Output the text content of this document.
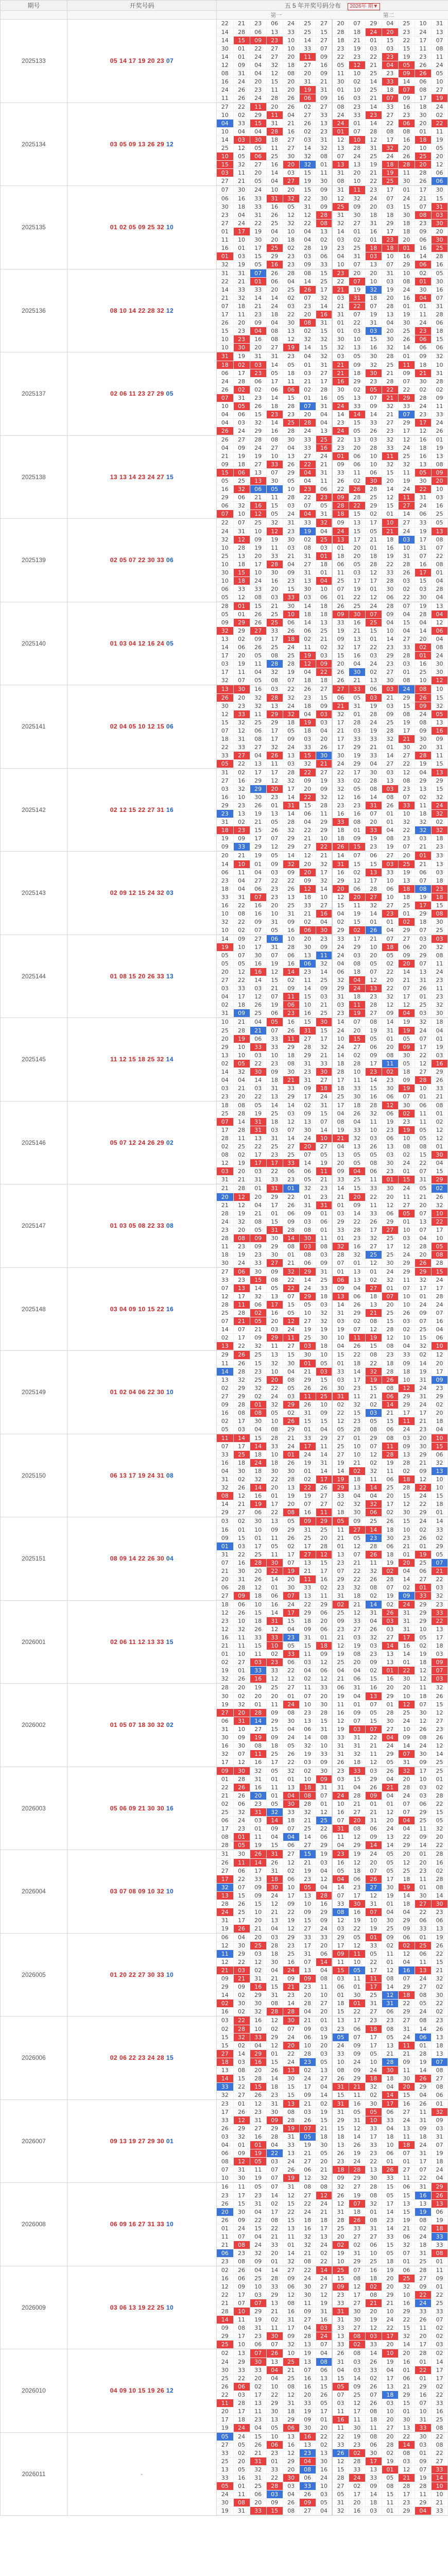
期号	开奖号码	五 5 年开奖号码分布 2026年 期▼
		第一	第二
2025133	05 14 17 19 20 23 07	
22	21	23	06	24	25	27	20	07	29	04	25	10	31
14	28	06	13	33	25	15	28	18	24	20	23	24	13
14	15	09	23	10	14	27	18	21	01	15	22	17	07
30	01	22	27	10	33	07	23	19	03	03	15	11	08
14	01	24	27	20	11	09	22	23	22	23	19	23	11
12	09	04	32	18	27	16	05	12	21	04	05	26	24
08	31	04	12	08	20	09	11	10	25	23	09	26	05
16	24	20	15	20	31	21	30	02	14	33	14	06	10
24	26	23	11	20	19	31	01	10	25	18	07	08	27
11	26	24	28	26	06	09	16	03	21	07	09	17	19

2025134	03 05 09 13 26 29 12	
27	22	11	20	26	02	27	08	23	14	33	16	18	24
10	02	29	11	04	27	33	24	33	23	27	23	30	02
04	33	15	31	21	26	13	24	01	14	22	06	20	22
10	04	04	28	16	02	23	01	07	28	08	08	01	11
14	03	30	18	27	03	31	12	10	12	17	16	18	19
25	12	05	11	27	14	32	13	28	31	32	20	10	05
10	05	06	25	30	32	08	07	24	25	24	26	25	20
15	32	27	16	20	32	01	13	13	19	18	28	20	12
03	11	20	14	03	15	11	31	20	21	19	11	28	06
27	21	05	04	27	19	30	08	10	22	25	30	26	06

2025135	01 02 05 09 25 32 10	
07	30	24	10	20	15	09	31	11	23	17	01	17	30
06	16	33	31	32	22	30	12	32	24	07	24	21	15
30	18	33	16	05	31	09	25	09	20	03	15	07	31
23	04	31	26	12	12	28	31	30	18	18	30	08	03
27	24	22	25	32	22	08	32	27	31	29	18	23	30
01	17	19	04	10	04	13	14	01	16	17	18	09	20
11	10	30	20	18	04	02	03	02	01	23	20	06	30
16	01	17	25	02	28	19	23	25	18	18	01	16	25
01	03	15	29	23	03	06	04	31	03	10	16	14	28
32	19	05	16	23	09	33	10	07	13	07	29	06	16

2025136	08 10 14 22 28 32 12	
31	31	07	26	28	08	15	23	20	20	31	10	02	05
22	21	01	06	04	14	25	22	07	10	03	08	01	30
14	33	33	20	25	26	17	21	19	32	19	24	30	16
21	32	14	14	02	07	32	03	31	18	20	16	04	07
07	18	21	24	03	23	14	21	22	07	28	01	01	31
17	11	23	18	22	20	16	31	07	19	13	19	11	28
26	20	09	04	30	08	31	01	22	31	04	30	24	06
15	23	04	08	13	02	15	01	03	03	20	25	23	18
10	23	16	08	12	32	32	30	10	15	30	26	06	15
10	30	20	27	19	14	15	32	13	16	32	14	06	06

2025137	02 06 11 23 27 29 05	
31	19	31	31	23	04	32	03	05	30	28	01	09	32
18	02	03	14	05	01	31	21	09	32	25	11	18	10
06	17	23	05	18	03	27	21	18	30	21	09	21	31
24	28	06	17	11	21	17	16	29	23	28	07	30	28
26	02	02	06	06	02	28	30	02	05	22	22	02	02
07	31	23	14	15	01	16	05	13	07	21	29	28	09
10	05	26	18	28	07	31	24	33	09	32	33	24	11
04	06	15	23	23	20	04	14	14	14	21	07	23	33
04	03	32	14	25	28	04	23	15	33	27	29	17	24
26	24	29	16	28	24	13	24	05	26	23	17	12	26

2025138	13 13 14 23 24 27 15	
26	27	28	08	30	33	25	22	13	03	32	12	16	01
04	09	24	27	04	33	16	23	20	28	33	24	18	19
21	19	19	10	13	27	24	01	06	10	11	25	16	13
09	18	27	33	26	22	21	09	06	10	32	32	13	08
15	06	13	07	29	04	31	33	11	06	15	11	05	09
05	25	13	30	05	04	11	26	02	30	20	19	30	20
16	32	06	05	10	23	06	22	26	28	14	24	22	10
29	06	21	11	28	22	23	09	28	25	12	11	31	03
06	32	16	15	03	07	05	28	22	29	15	27	24	16
07	10	12	05	24	04	31	18	15	02	01	14	06	25

2025139	02 05 07 22 30 33 06	
22	07	25	32	31	33	32	09	13	17	10	27	33	05
24	31	10	12	23	19	04	24	15	05	21	24	19	13
32	12	09	19	30	02	25	13	17	21	18	03	17	08
10	28	19	11	03	08	03	01	20	01	16	10	31	07
25	13	20	33	21	31	01	18	20	18	19	31	07	22
10	18	17	28	04	27	18	06	05	28	22	28	16	08
30	15	10	30	09	31	01	11	03	12	33	26	17	01
10	18	24	16	23	13	04	25	17	17	28	03	15	04
06	33	33	20	15	30	10	07	19	01	30	02	03	28
05	12	08	03	33	03	06	01	22	12	06	22	30	04

2025140	01 03 04 12 16 24 05	
28	01	15	21	30	14	18	26	25	24	28	07	19	13
05	01	26	25	10	18	18	09	30	07	09	04	28	04
09	29	26	25	06	14	13	33	16	25	04	15	04	12
32	29	27	33	26	06	25	19	21	15	10	04	14	06
13	02	09	17	18	02	21	09	13	01	14	27	20	04
14	06	26	25	24	11	02	32	17	22	23	33	02	08
17	20	05	08	25	19	03	15	16	03	29	28	01	24
03	19	11	28	28	12	09	20	04	24	23	03	16	30
17	11	04	32	19	04	22	26	30	02	27	01	25	30
32	07	05	08	07	18	18	26	21	13	30	08	10	12

2025141	02 04 05 10 12 15 06	
13	30	16	03	22	26	27	27	33	06	03	24	08	10
26	20	32	28	32	23	15	06	05	03	21	29	26	15
30	23	32	13	24	18	09	21	31	19	03	15	09	32
12	33	11	29	32	04	03	32	01	28	09	08	24	05
15	32	25	29	18	19	03	17	28	24	25	19	08	13
07	12	06	17	05	18	04	21	03	19	28	17	09	16
18	31	08	17	09	03	20	17	33	33	32	21	30	09
22	33	27	32	24	33	26	17	29	21	01	30	20	31
33	27	04	26	13	15	30	30	19	33	14	27	28	11
05	22	13	11	03	32	21	24	29	04	27	22	19	15

2025142	02 12 15 22 27 31 16	
31	02	17	17	28	22	27	22	17	30	03	12	04	13
27	16	29	12	32	09	19	33	02	28	13	08	29	29
03	32	29	20	17	20	09	32	05	08	03	23	13	15
16	10	30	23	14	22	32	12	16	14	08	07	02	32
29	23	26	01	31	15	28	23	23	31	26	33	11	24
23	13	19	13	14	06	11	16	16	07	01	10	18	32
31	02	21	05	28	04	29	33	08	20	01	32	32	02
18	23	15	26	32	22	29	18	01	33	04	22	32	32
19	09	17	07	29	21	10	18	09	19	08	23	03	18
09	33	29	12	29	27	22	26	15	23	19	07	21	23

2025143	02 09 12 15 24 32 03	
20	21	19	05	14	12	21	14	07	06	27	20	01	33
14	10	01	09	32	20	32	31	15	15	03	25	21	13
06	11	04	03	09	20	17	16	02	13	33	19	06	03
23	04	27	22	22	09	32	29	12	17	10	13	07	18
18	04	06	23	26	12	14	20	06	28	06	18	08	23
33	31	07	23	13	18	10	12	20	27	10	18	19	18
16	22	16	20	25	33	27	15	11	32	27	25	17	15
10	08	16	10	31	21	16	04	19	14	23	01	29	08
32	22	09	31	09	02	04	02	15	01	01	02	18	30
10	02	07	05	16	06	30	29	02	26	04	29	07	25

2025144	01 08 15 20 26 33 13	
14	09	27	06	10	20	23	33	17	21	07	27	03	03
19	10	17	31	28	30	09	24	29	10	18	06	20	32
05	07	30	07	06	13	11	24	03	20	05	09	29	08
05	05	16	19	16	06	32	04	08	05	02	20	07	11
20	12	16	12	14	23	14	06	18	07	22	14	13	24
27	22	14	15	02	11	25	32	04	12	20	21	31	23
03	33	03	21	09	14	09	29	24	13	22	07	26	11
04	17	12	07	11	15	03	31	18	23	32	17	01	23
02	18	26	19	06	10	21	03	11	28	12	12	25	32
31	09	25	06	23	16	25	23	19	27	09	04	03	30

2025145	11 12 15 18 25 32 14	
10	21	04	05	16	15	30	14	07	08	14	19	32	18
25	28	21	07	26	31	15	24	20	19	31	19	24	04
20	19	06	33	11	27	17	10	15	05	01	05	07	01
29	10	33	33	29	28	32	24	27	06	20	09	17	19
13	10	03	10	18	29	21	14	02	09	08	30	22	03
02	05	22	23	08	31	33	18	28	17	11	05	12	16
14	32	30	09	30	23	30	28	10	23	02	18	27	29
04	04	14	18	21	31	27	17	11	14	23	09	28	26
03	21	03	31	33	09	18	18	33	15	30	19	10	33
23	20	22	13	29	17	24	25	30	16	06	07	01	21

2025146	05 07 12 24 26 29 02	
18	08	05	14	14	02	31	17	18	28	12	30	06	08
25	28	19	25	03	09	15	04	26	32	06	02	11	01
07	14	31	18	12	13	07	08	04	11	19	23	11	02
17	28	31	03	07	30	14	19	33	10	23	19	05	12
28	11	13	31	14	24	10	21	32	03	06	10	05	12
02	25	22	25	27	20	27	04	13	26	13	08	08	01
08	02	17	23	25	07	05	13	05	05	03	02	15	30
12	19	17	17	33	14	19	20	05	08	30	24	22	04
03	20	03	22	06	06	11	09	04	06	23	01	07	15
31	21	31	33	23	05	21	33	25	11	01	15	31	29

2025147	01 03 05 08 22 33 08	
21	28	01	31	01	32	23	14	15	33	30	24	05	02
20	12	20	29	22	01	23	21	20	22	20	11	21	26
21	12	04	17	26	31	31	01	09	11	12	27	20	32
28	19	21	01	06	09	01	03	14	33	06	05	07	10
24	32	08	15	09	03	06	29	22	26	29	01	13	22
23	20	05	31	28	08	01	33	28	17	27	10	07	17
28	08	09	30	14	30	11	01	23	32	25	03	04	10
11	23	09	29	08	03	08	32	16	27	17	12	28	05
18	19	23	30	01	08	03	28	32	25	25	24	20	08
30	24	33	27	21	06	09	07	01	12	30	29	26	28

2025148	03 04 09 10 15 22 16	
27	06	30	09	32	29	31	01	13	01	24	29	29	15
33	23	15	08	22	14	25	06	13	02	32	11	32	24
07	13	14	05	22	24	33	09	04	27	01	07	17	17
12	17	32	13	07	29	18	13	06	18	07	10	01	28
28	11	06	17	15	05	03	14	26	13	20	10	24	24
25	28	02	16	05	10	32	31	29	21	25	26	09	07
07	21	05	20	12	27	32	03	02	08	15	03	07	16
14	07	21	03	24	19	19	19	07	12	28	02	25	04
02	17	09	29	11	25	30	10	11	19	12	10	15	06
13	22	32	11	27	03	18	04	26	15	08	04	32	10

2025149	01 02 04 06 22 30 10	
29	26	25	13	15	30	10	15	22	08	23	33	02	12
11	26	15	32	30	01	05	01	18	22	18	09	14	20
14	28	23	10	04	21	03	33	14	32	28	18	19	17
13	32	25	20	08	29	15	03	17	19	26	10	31	09
02	29	32	22	05	26	26	30	23	15	08	12	24	23
27	29	02	24	03	11	25	31	11	21	06	29	31	29
09	28	01	32	29	26	10	02	32	02	14	29	24	02
16	08	08	05	02	31	09	22	15	03	21	17	17	20
02	17	30	10	26	15	15	12	23	05	15	11	21	18
05	03	04	08	29	01	04	05	28	08	06	24	23	04

2025150	06 13 17 19 24 31 08	
11	14	15	28	21	33	29	27	01	29	08	03	20	10
07	17	14	33	24	17	11	25	10	07	11	09	30	15
33	25	18	10	01	24	14	27	10	12	28	13	29	06
16	18	24	18	26	19	31	19	21	02	19	28	21	32
04	30	18	30	30	01	14	14	02	32	11	02	09	13
31	02	32	22	28	02	17	19	18	11	06	18	12	10
32	26	14	20	13	22	26	29	13	14	25	28	22	10
08	12	16	01	19	19	27	33	04	04	20	15	24	15
14	21	19	17	20	07	27	02	32	32	17	12	22	18
29	27	06	22	08	16	11	18	30	06	02	30	29	01

2025151	08 09 14 22 26 30 04	
03	02	30	13	05	09	29	05	09	25	26	15	24	14
16	01	10	09	29	31	25	11	27	14	18	10	02	33
09	15	01	11	26	25	20	21	05	23	30	23	26	02
01	03	17	05	02	17	28	01	12	28	06	21	01	29
31	22	25	11	17	27	12	13	07	26	18	01	19	05
07	16	28	30	07	13	15	23	21	11	19	20	25	07
21	30	20	22	19	21	17	07	22	32	02	04	06	21
20	31	26	14	20	11	16	29	22	26	28	14	27	22
06	28	12	01	30	33	02	23	32	08	07	02	01	03
27	09	18	06	07	13	11	31	18	02	19	09	33	32

2026001	02 06 11 12 13 33 15	
18	06	10	16	24	22	29	02	21	14	02	24	29	23
12	26	15	14	17	29	06	25	12	31	26	31	29	33
23	10	18	31	15	18	20	09	33	04	03	31	29	22
12	32	26	12	04	09	06	23	27	26	03	31	10	13
16	11	33	33	23	31	01	21	03	32	27	17	05	17
21	11	15	10	05	15	18	12	19	03	14	16	02	18
01	10	11	02	33	11	09	19	08	23	13	14	19	03
02	27	03	23	06	03	12	25	20	09	13	01	18	09
19	01	33	33	22	04	06	04	04	02	01	22	12	07
32	26	16	12	12	02	12	21	06	15	16	30	12	03

2026002	01 05 07 18 30 32 02	
28	20	19	25	27	11	33	06	31	16	20	20	11	32
30	02	20	20	01	07	20	19	04	13	29	10	18	26
19	32	01	11	24	10	30	11	01	07	01	12	07	15
27	20	28	09	08	23	28	16	09	05	28	25	30	12
06	31	14	29	30	13	15	12	07	15	30	24	12	27
31	10	27	15	04	06	31	19	03	07	27	10	26	23
30	09	19	09	24	14	08	33	31	22	04	09	08	26
16	30	08	18	05	32	10	31	31	21	24	14	24	12
32	07	11	25	26	19	33	31	32	11	29	07	30	14
17	12	16	17	22	03	09	26	18	12	05	31	09	25

2026003	05 06 09 21 30 30 16	
09	30	32	05	32	02	30	23	33	03	26	32	17	25
01	28	31	01	01	10	09	03	15	29	04	20	10	01
22	26	16	11	13	18	31	31	04	26	21	28	03	02
21	26	20	01	04	08	07	24	28	09	04	24	03	28
02	06	23	05	30	28	01	10	21	01	01	07	06	22
25	32	31	32	33	32	12	16	27	21	12	07	29	15
06	24	03	14	18	21	25	07	20	31	20	04	25	05
17	23	01	09	07	25	22	31	08	06	24	04	11	32
08	01	11	04	04	14	06	11	12	09	13	22	09	20
28	05	19	15	06	27	29	04	29	14	14	29	14	22

2026004	03 07 08 09 10 32 10	
31	30	26	31	27	15	19	23	19	24	05	20	01	28
26	11	14	26	12	21	03	16	12	20	05	12	20	16
27	06	17	31	02	19	04	05	18	07	05	25	23	02
17	22	33	18	06	23	12	04	06	26	17	18	11	28
32	07	09	30	10	05	04	14	23	27	30	19	01	08
13	15	09	24	17	13	28	07	17	12	19	14	30	14
28	26	15	12	09	10	16	33	30	31	01	18	27	30
24	25	10	21	22	09	29	08	16	07	04	04	22	23
31	17	20	13	19	15	09	12	19	10	30	29	06	06
19	26	21	04	12	27	24	03	22	19	25	09	33	13

2026005	01 20 22 27 30 33 10	
06	04	20	03	29	33	33	29	05	01	09	06	01	19
12	30	25	28	23	17	20	17	12	33	02	02	25	26
11	29	03	18	25	31	06	09	11	05	11	12	06	22
12	22	12	30	16	07	14	11	10	22	01	04	11	15
21	03	02	04	24	13	04	15	05	17	12	16	13	21
09	21	31	21	09	09	08	03	11	11	08	07	24	32
29	09	16	15	21	23	11	06	01	17	14	29	27	02
14	02	29	31	23	20	10	01	30	25	12	18	08	30
02	30	30	08	14	28	27	18	01	31	31	22	05	22
16	02	32	28	28	04	20	15	22	27	06	29	24	02

2026006	02 06 22 23 24 28 15	
03	22	16	12	30	21	01	13	17	23	23	27	08	23
02	28	10	02	07	09	03	23	06	18	08	31	14	26
15	32	33	29	24	06	19	05	07	17	05	24	06	13
15	02	04	12	20	10	20	24	09	17	13	11	01	18
27	14	29	01	22	28	03	33	09	05	21	21	28	13
18	03	16	15	24	23	05	10	24	10	28	09	19	07
13	08	20	26	13	02	13	08	09	24	30	11	14	08
14	15	28	14	30	24	27	26	29	18	18	30	26	27
33	22	15	18	15	17	04	31	21	32	04	20	29	08
32	27	26	23	15	09	14	15	11	02	14	15	04	06

2026007	09 13 19 27 29 30 01	
23	01	12	31	13	21	02	31	16	30	17	16	26	01
17	26	23	30	08	03	19	31	05	05	06	27	11	32
33	12	31	09	28	26	15	29	31	10	33	24	31	09
26	29	27	29	19	07	21	15	12	33	04	13	09	03
03	32	16	28	31	05	18	18	14	17	18	11	18	31
04	01	01	04	33	19	30	13	26	33	10	18	24	07
06	09	19	22	13	21	05	26	19	23	06	07	31	19
08	12	05	03	24	27	20	23	24	22	01	01	17	18
07	31	11	07	26	06	21	18	28	13	26	27	07	24
10	30	19	07	19	12	32	09	29	30	33	11	22	04

2026008	06 09 16 27 31 33 10	
16	11	05	07	31	08	08	32	27	28	15	06	31	29
23	17	23	14	12	27	12	26	19	08	05	15	16	26
26	15	31	02	15	22	24	12	07	32	17	13	13	13
20	30	04	17	22	24	21	31	18	01	14	15	19	06
26	09	22	08	15	18	18	28	26	08	23	19	08	19
01	24	15	22	13	16	17	25	33	31	14	21	02	18
11	07	04	21	11	32	13	20	27	27	33	06	24	33
21	08	24	33	01	32	24	02	02	06	15	32	18	33
06	23	32	20	14	21	02	19	31	10	05	07	31	08
23	08	09	01	32	08	22	10	29	25	18	01	25	01

2026009	03 06 13 19 22 25 10	
02	26	04	14	27	22	14	25	07	16	19	06	28	11
16	06	25	28	09	24	24	15	08	18	20	25	27	09
12	09	10	33	06	30	27	09	12	02	20	32	09	01
22	17	03	29	12	30	12	23	17	08	29	10	22	22
21	07	07	13	08	11	19	33	27	21	21	16	24	25
28	10	29	21	16	09	31	31	30	20	10	29	33	33
14	11	19	02	31	27	16	31	30	19	24	22	26	07
09	08	31	11	17	04	03	33	27	12	22	15	11	02
29	17	23	30	09	28	24	13	08	03	17	32	20	02
25	10	06	07	32	13	07	33	02	33	20	14	17	03

2026010	04 09 10 15 19 26 12	
02	13	07	26	10	19	04	26	08	14	10	20	28	02
24	29	30	13	25	13	08	31	03	26	19	16	01	14
30	33	33	04	21	07	06	04	03	33	04	01	22	17
25	22	20	04	25	16	13	15	14	02	17	06	01	17
26	06	02	10	08	16	15	05	09	26	13	21	29	02
22	03	17	22	12	20	26	07	25	07	18	29	16	22
11	28	13	29	31	33	05	03	12	26	03	15	07	33
20	17	11	30	18	19	17	11	17	08	10	01	10	16
17	18	23	13	29	09	01	16	11	18	20	30	31	25
19	24	04	05	06	30	20	11	30	11	27	13	33	08

2026011	-	
05	24	15	10	13	16	22	22	19	08	20	22	30	22
27	05	26	06	16	13	02	33	23	06	28	14	03	08
33	02	21	23	12	23	13	26	02	30	02	08	01	22
25	20	31	01	29	04	30	12	28	17	19	03	09	27
13	05	32	33	20	08	16	15	33	13	01	12	07	33
33	16	31	22	30	06	24	28	24	33	05	21	19	14
05	01	25	28	03	33	10	27	02	09	08	28	28	10
24	11	06	03	04	26	03	05	17	14	15	17	11	10
30	08	20	09	26	09	05	31	20	18	11	23	29	21
19	31	33	15	08	27	04	32	16	03	01	29	04	33
